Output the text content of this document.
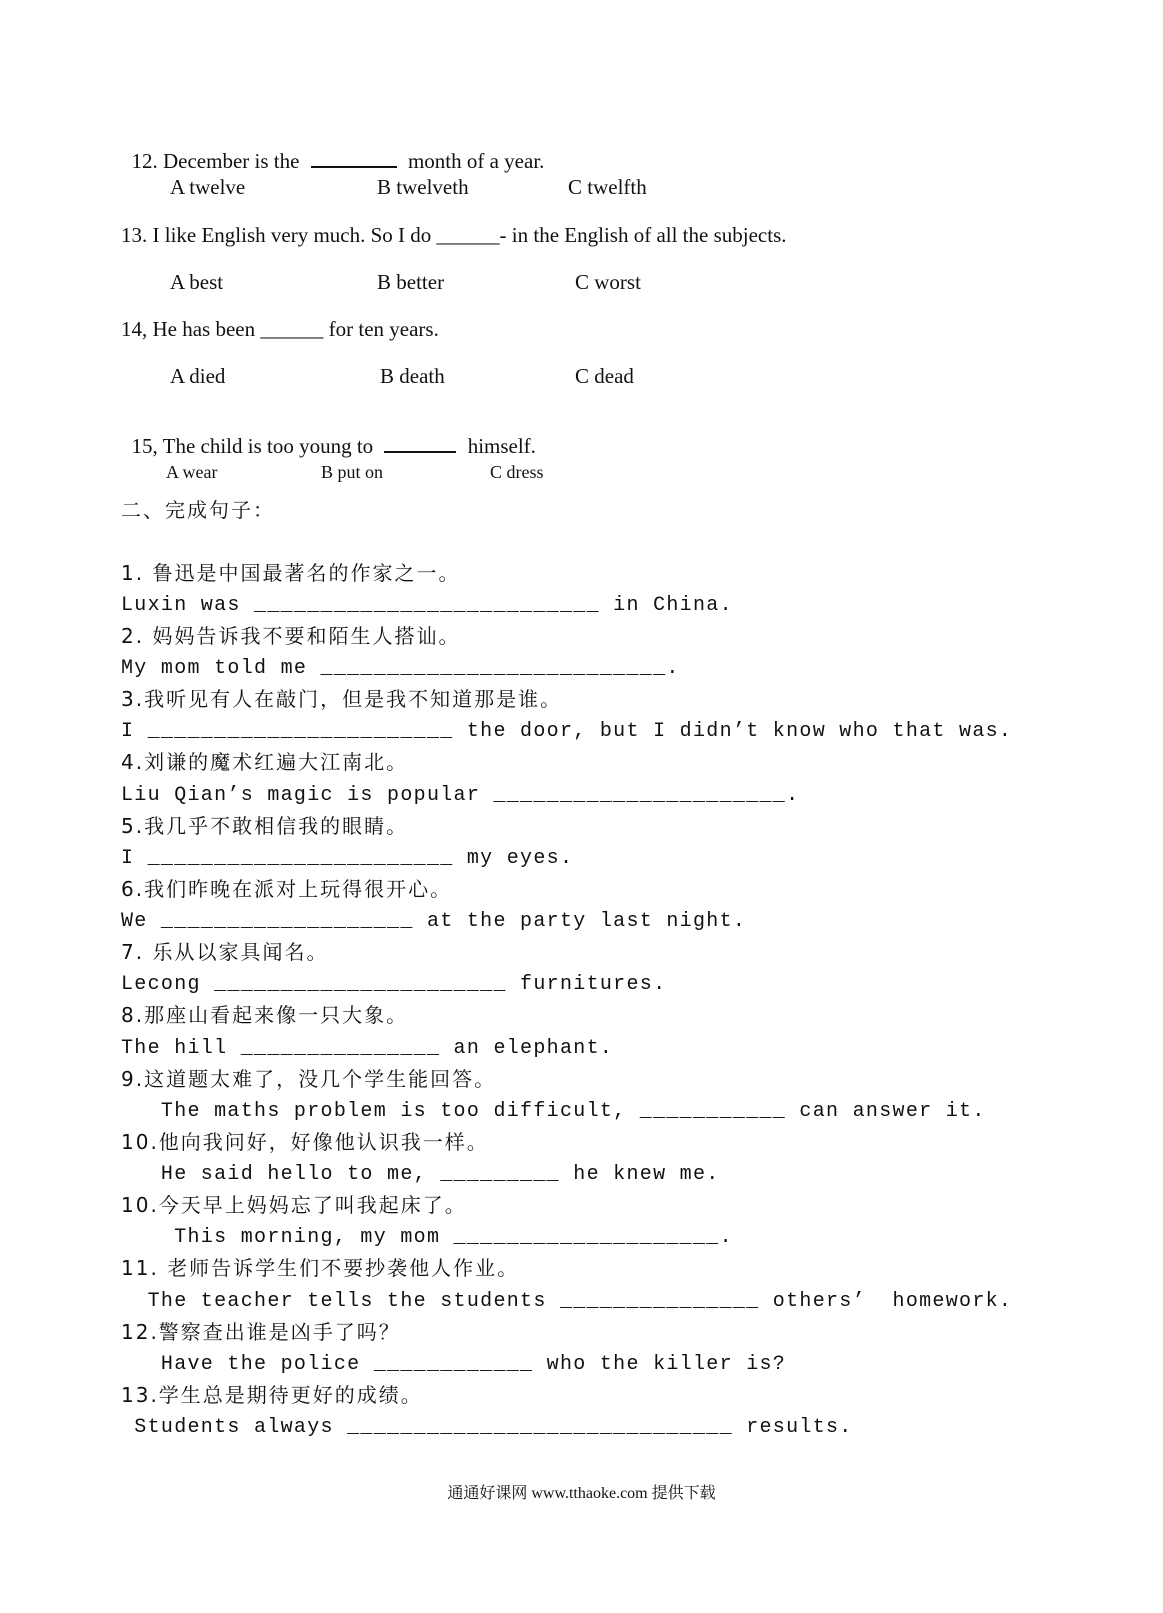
12. December is the	month of a year.

A twelve	B twelveth	C twelfth
13. I like English very much. So I do ______- in the English of all the subjects.
A best	B better	C worst
14, He has been ______ for ten years.
A died	B death	C dead

15, The child is too young to	himself.

A wear	B put on	C dress
二、完成句子：
1. 鲁迅是中国最著名的作家之一。
Luxin was __________________________ in China.
2. 妈妈告诉我不要和陌生人搭讪。
My mom told me __________________________.
3.我听见有人在敲门，但是我不知道那是谁。
I _______________________ the door, but I didn’t know who that was.
4.刘谦的魔术红遍大江南北。
Liu Qian’s magic is popular ______________________.
5.我几乎不敢相信我的眼睛。
I _______________________ my eyes.
6.我们昨晚在派对上玩得很开心。
We ___________________ at the party last night.
7. 乐从以家具闻名。
Lecong ______________________ furnitures.
8.那座山看起来像一只大象。
The hill _______________ an elephant.
9.这道题太难了，没几个学生能回答。
The maths problem is too difficult, ___________ can answer it.
10.他向我问好，好像他认识我一样。
He said hello to me, _________ he knew me.
10.今天早上妈妈忘了叫我起床了。
This morning, my mom ____________________.
11. 老师告诉学生们不要抄袭他人作业。
The teacher tells the students _______________ others’  homework.
12.警察查出谁是凶手了吗？
Have the police ____________ who the killer is?
13.学生总是期待更好的成绩。
Students always _____________________________ results.
通通好课网 www.tthaoke.com 提供下载
